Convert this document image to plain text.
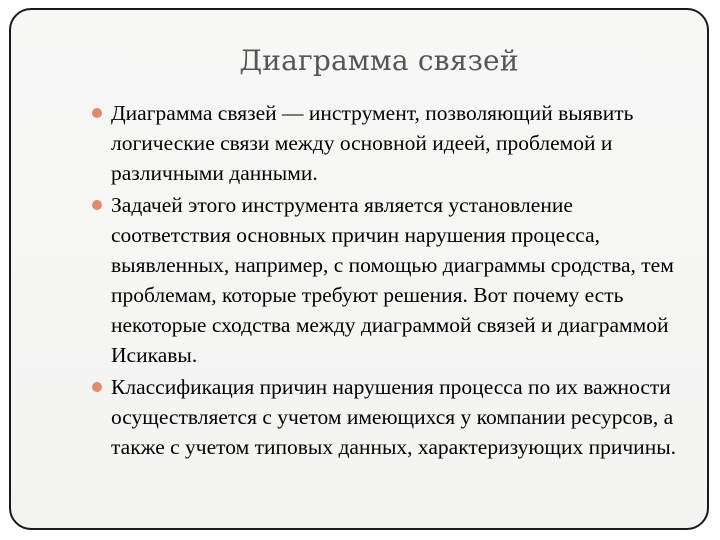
Диаграмма связей
Диаграмма связей — инструмент, позволяющий выявить логические связи между основной идеей, проблемой и различными данными.
Задачей этого инструмента является установление соответствия основных причин нарушения процесса, выявленных, например, с помощью диаграммы сродства, тем проблемам, которые требуют решения. Вот почему есть некоторые сходства между диаграммой связей и диаграммой Исикавы.
Классификация причин нарушения процесса по их важности осуществляется с учетом имеющихся у компании ресурсов, а также с учетом типовых данных, характеризующих причины.
